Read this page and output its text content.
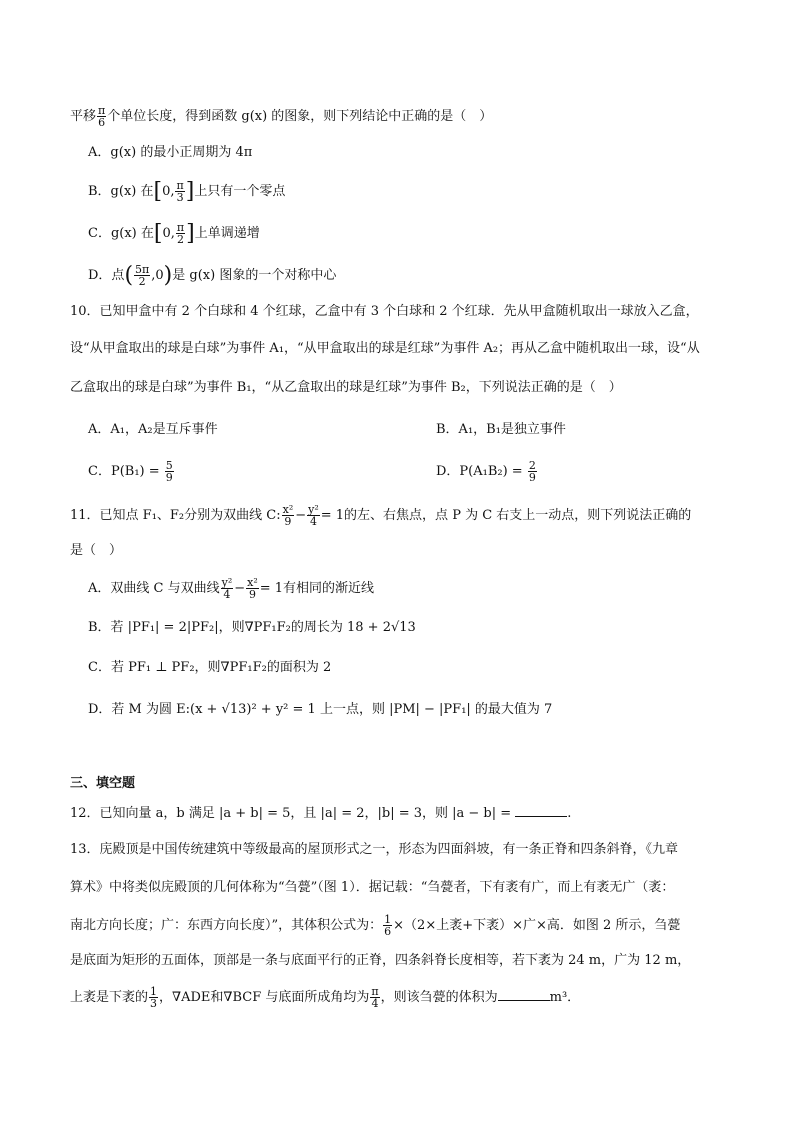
平移 $\frac{\pi}{6}$ 个单位长度，得到函数 g(x) 的图象，则下列结论中正确的是（　）
A．g(x) 的最小正周期为 4π
B．g(x) 在[0, $\frac{\pi}{3}$ ]上只有一个零点
C．g(x) 在[0, $\frac{\pi}{2}$ ]上单调递增
D．点( $\frac{5\pi}{2} ,0$)是 g(x) 图象的一个对称中心
10．已知甲盒中有 2 个白球和 4 个红球，乙盒中有 3 个白球和 2 个红球．先从甲盒随机取出一球放入乙盒，
设“从甲盒取出的球是白球”为事件 A₁，“从甲盒取出的球是红球”为事件 A₂；再从乙盒中随机取出一球，设“从
乙盒取出的球是白球”为事件 B₁，“从乙盒取出的球是红球”为事件 B₂，下列说法正确的是（　）
A．A₁，A₂是互斥事件	B．A₁，B₁是独立事件
C．$P(B_1) = \frac{5}{9}$	D．$P(A_1B_2) = \frac{2}{9}$
11．已知点 F₁、F₂分别为双曲线 C: $\frac{\text{x²}}{9} - \frac{\text{y²}}{4} = 1$的左、右焦点，点 P 为 C 右支上一动点，则下列说法正确的
是（　）
A．双曲线 C 与双曲线 $\frac{\text{y²}}{4} - \frac{\text{x²}}{9} = 1$有相同的渐近线
B．若 |PF₁| = 2|PF₂|，则∇PF₁F₂的周长为 18 + 2√13
C．若 PF₁ ⊥ PF₂，则∇PF₁F₂的面积为 2
D．若 M 为圆 E:(x + √13)² + y² = 1 上一点，则 |PM| − |PF₁| 的最大值为 7
三、填空题
12．已知向量 a，b 满足 |a + b| = 5，且 |a| = 2，|b| = 3，则 |a − b| =	.
13．庑殿顶是中国传统建筑中等级最高的屋顶形式之一，形态为四面斜坡，有一条正脊和四条斜脊，《九章
算术》中将类似庑殿顶的几何体称为“刍甍”（图 1）．据记载：“刍甍者，下有袤有广，而上有袤无广（袤：
南北方向长度；广：东西方向长度）”，其体积公式为： $\frac{1}{6} \times(2\times$上袤+下袤）×广×高．如图 2 所示，刍甍
是底面为矩形的五面体，顶部是一条与底面平行的正脊，四条斜脊长度相等，若下袤为 24 m，广为 12 m，
上袤是下袤的 $\frac{1}{3}$ ，∇ADE和∇BCF 与底面所成角均为 $\frac{\pi}{4}$ ，则该刍甍的体积为	m³．
